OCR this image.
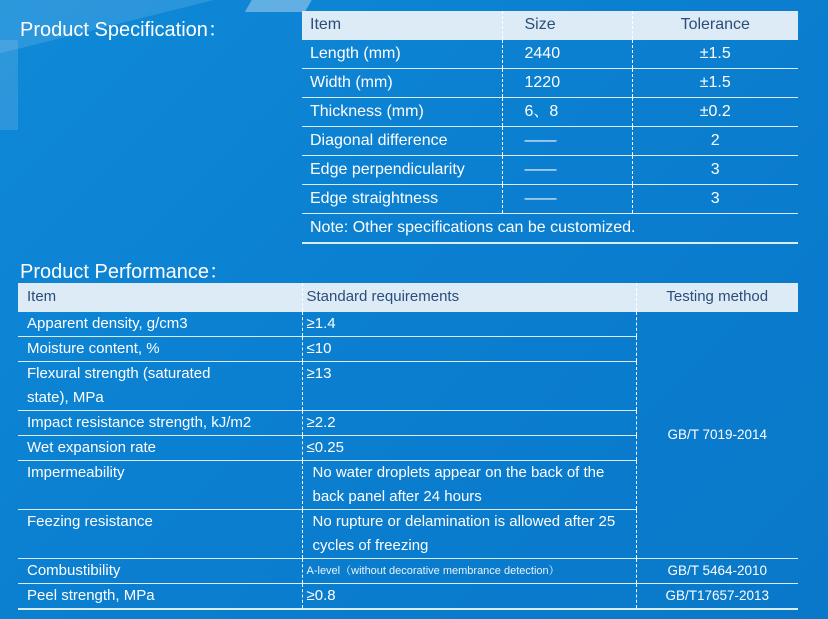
Product Specification：	Item	Size	Tolerance
Length (mm)	2440	±1.5
Width (mm)	1220	±1.5
Thickness (mm)	6、8	±0.2
Diagonal difference	——	2
Edge perpendicularity	——	3
Edge straightness	——	3
Note: Other specifications can be customized.		
Product Performance：
Item	Standard requirements	Testing method
Apparent density, g/cm3	≥1.4	GB/T 7019-2014
Moisture content, %	≤10	

Flexural strength (saturated state), MPa	≥13	
Impact resistance strength, kJ/m2	≥2.2	
Wet expansion rate	≤0.25	
Impermeability	No water droplets appear on the back of the back panel after 24 hours	

Feezing resistance	No rupture or delamination is allowed after 25 cycles of freezing	

Combustibility	A-level（without decorative membrance detection）	GB/T 5464-2010
Peel strength, MPa	≥0.8	GB/T17657-2013
